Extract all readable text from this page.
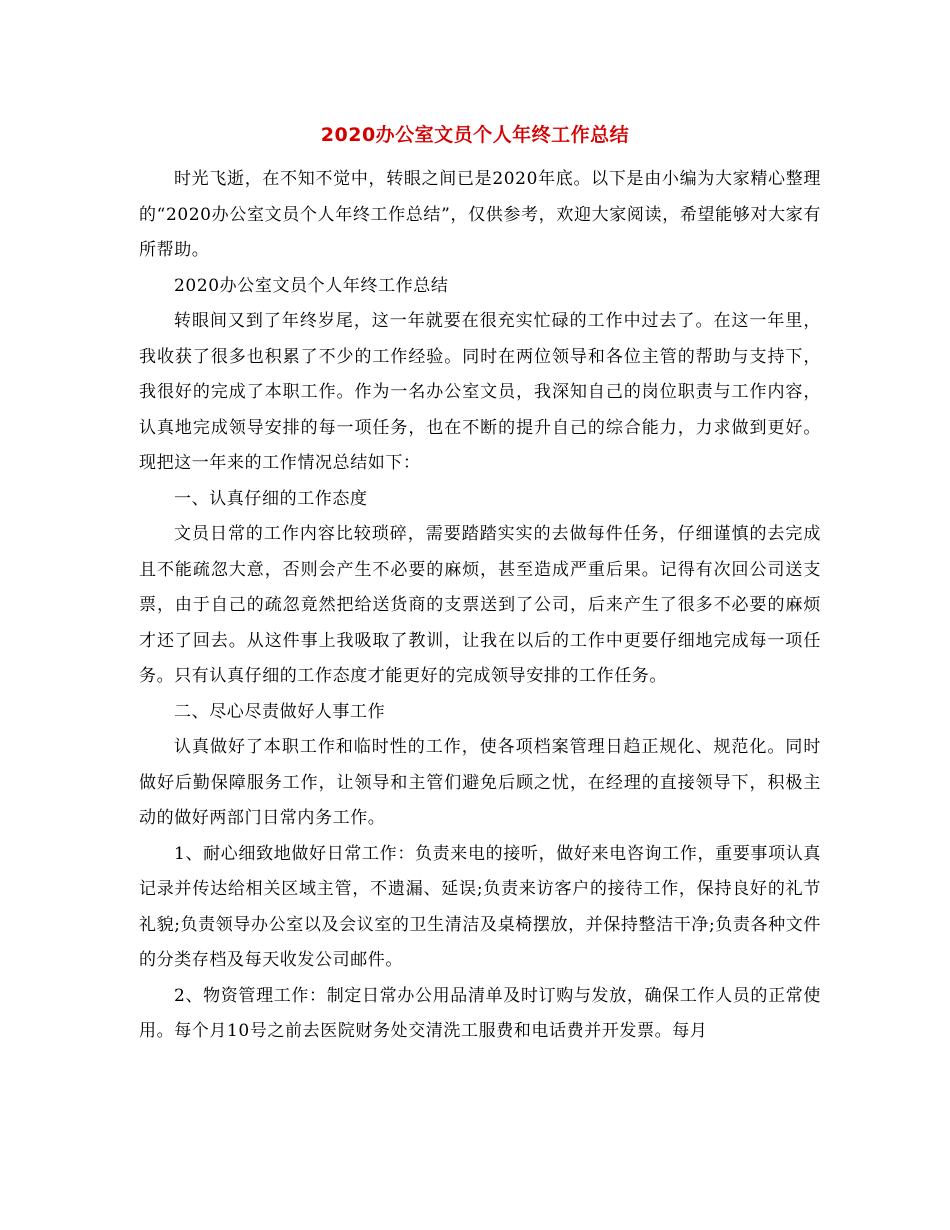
2020办公室文员个人年终工作总结

时光飞逝，在不知不觉中，转眼之间已是2020年底。以下是由小编为大家精心整理的“2020办公室文员个人年终工作总结”，仅供参考，欢迎大家阅读，希望能够对大家有所帮助。

2020办公室文员个人年终工作总结

转眼间又到了年终岁尾，这一年就要在很充实忙碌的工作中过去了。在这一年里，我收获了很多也积累了不少的工作经验。同时在两位领导和各位主管的帮助与支持下，我很好的完成了本职工作。作为一名办公室文员，我深知自己的岗位职责与工作内容，认真地完成领导安排的每一项任务，也在不断的提升自己的综合能力，力求做到更好。现把这一年来的工作情况总结如下：

一、认真仔细的工作态度

文员日常的工作内容比较琐碎，需要踏踏实实的去做每件任务，仔细谨慎的去完成且不能疏忽大意，否则会产生不必要的麻烦，甚至造成严重后果。记得有次回公司送支票，由于自己的疏忽竟然把给送货商的支票送到了公司，后来产生了很多不必要的麻烦才还了回去。从这件事上我吸取了教训，让我在以后的工作中更要仔细地完成每一项任务。只有认真仔细的工作态度才能更好的完成领导安排的工作任务。

二、尽心尽责做好人事工作

认真做好了本职工作和临时性的工作，使各项档案管理日趋正规化、规范化。同时做好后勤保障服务工作，让领导和主管们避免后顾之忧，在经理的直接领导下，积极主动的做好两部门日常内务工作。

1、耐心细致地做好日常工作：负责来电的接听，做好来电咨询工作，重要事项认真记录并传达给相关区域主管，不遗漏、延误;负责来访客户的接待工作，保持良好的礼节礼貌;负责领导办公室以及会议室的卫生清洁及桌椅摆放，并保持整洁干净;负责各种文件的分类存档及每天收发公司邮件。

2、物资管理工作：制定日常办公用品清单及时订购与发放，确保工作人员的正常使用。每个月10号之前去医院财务处交清洗工服费和电话费并开发票。每月
